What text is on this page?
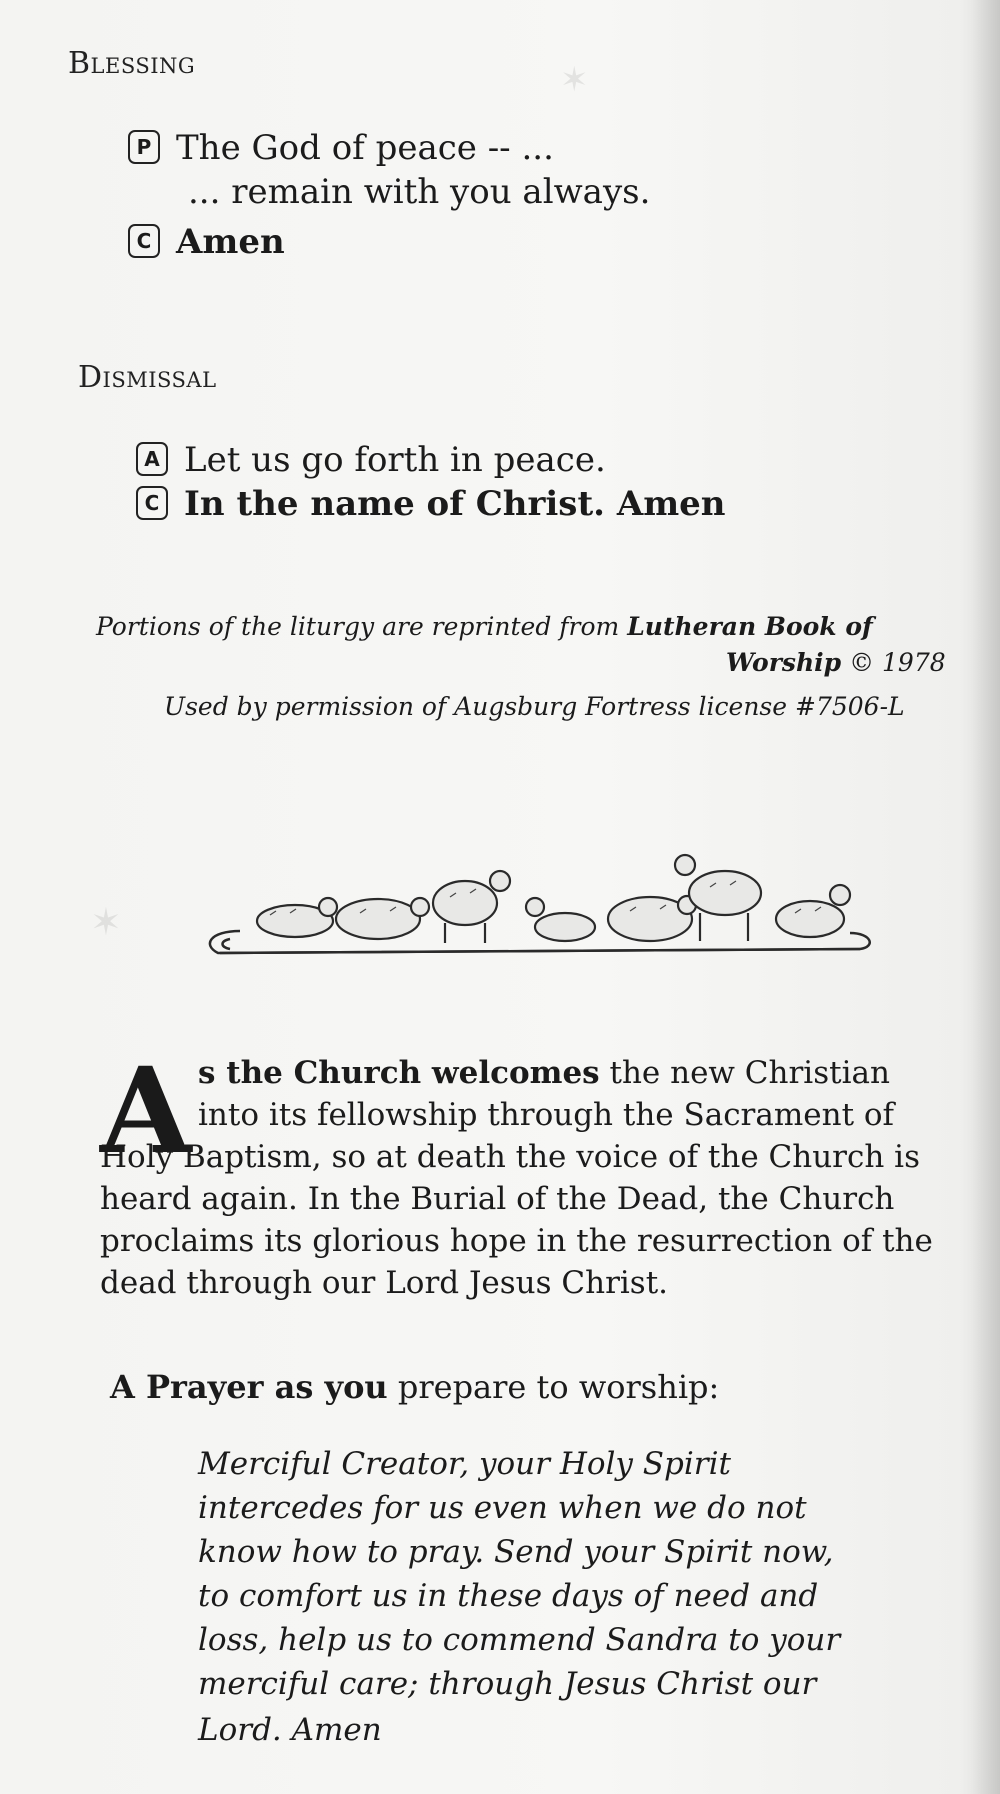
✶
✶
Blessing
P The God of peace -- ...
... remain with you always.
C Amen
Dismissal
A Let us go forth in peace.
C In the name of Christ. Amen
Portions of the liturgy are reprinted from Lutheran Book of
Worship © 1978
Used by permission of Augsburg Fortress license #7506-L
A s the Church welcomes the new Christian
into its fellowship through the Sacrament of
Holy Baptism, so at death the voice of the Church is
heard again. In the Burial of the Dead, the Church
proclaims its glorious hope in the resurrection of the
dead through our Lord Jesus Christ.
A Prayer as you prepare to worship:
Merciful Creator, your Holy Spirit
intercedes for us even when we do not
know how to pray. Send your Spirit now,
to comfort us in these days of need and
loss, help us to commend Sandra to your
merciful care; through Jesus Christ our
Lord. Amen
